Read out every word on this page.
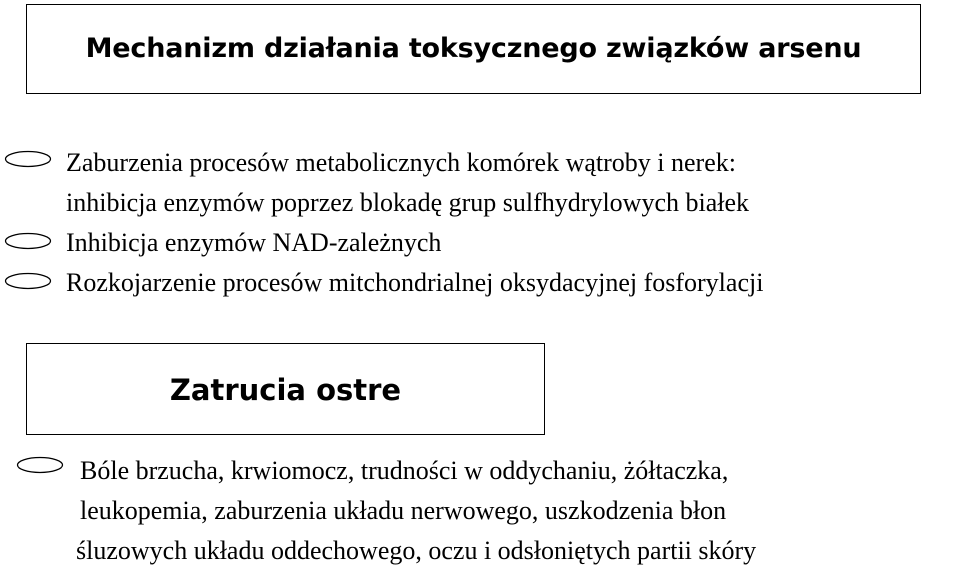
Mechanizm działania toksycznego związków arsenu
Zaburzenia procesów metabolicznych komórek wątroby i nerek:
inhibicja enzymów poprzez blokadę grup sulfhydrylowych białek
Inhibicja enzymów NAD-zależnych
Rozkojarzenie procesów mitchondrialnej oksydacyjnej fosforylacji
Zatrucia ostre
Bóle brzucha, krwiomocz, trudności w oddychaniu, żółtaczka,
leukopemia, zaburzenia układu nerwowego, uszkodzenia błon
śluzowych układu oddechowego, oczu i odsłoniętych partii skóry
